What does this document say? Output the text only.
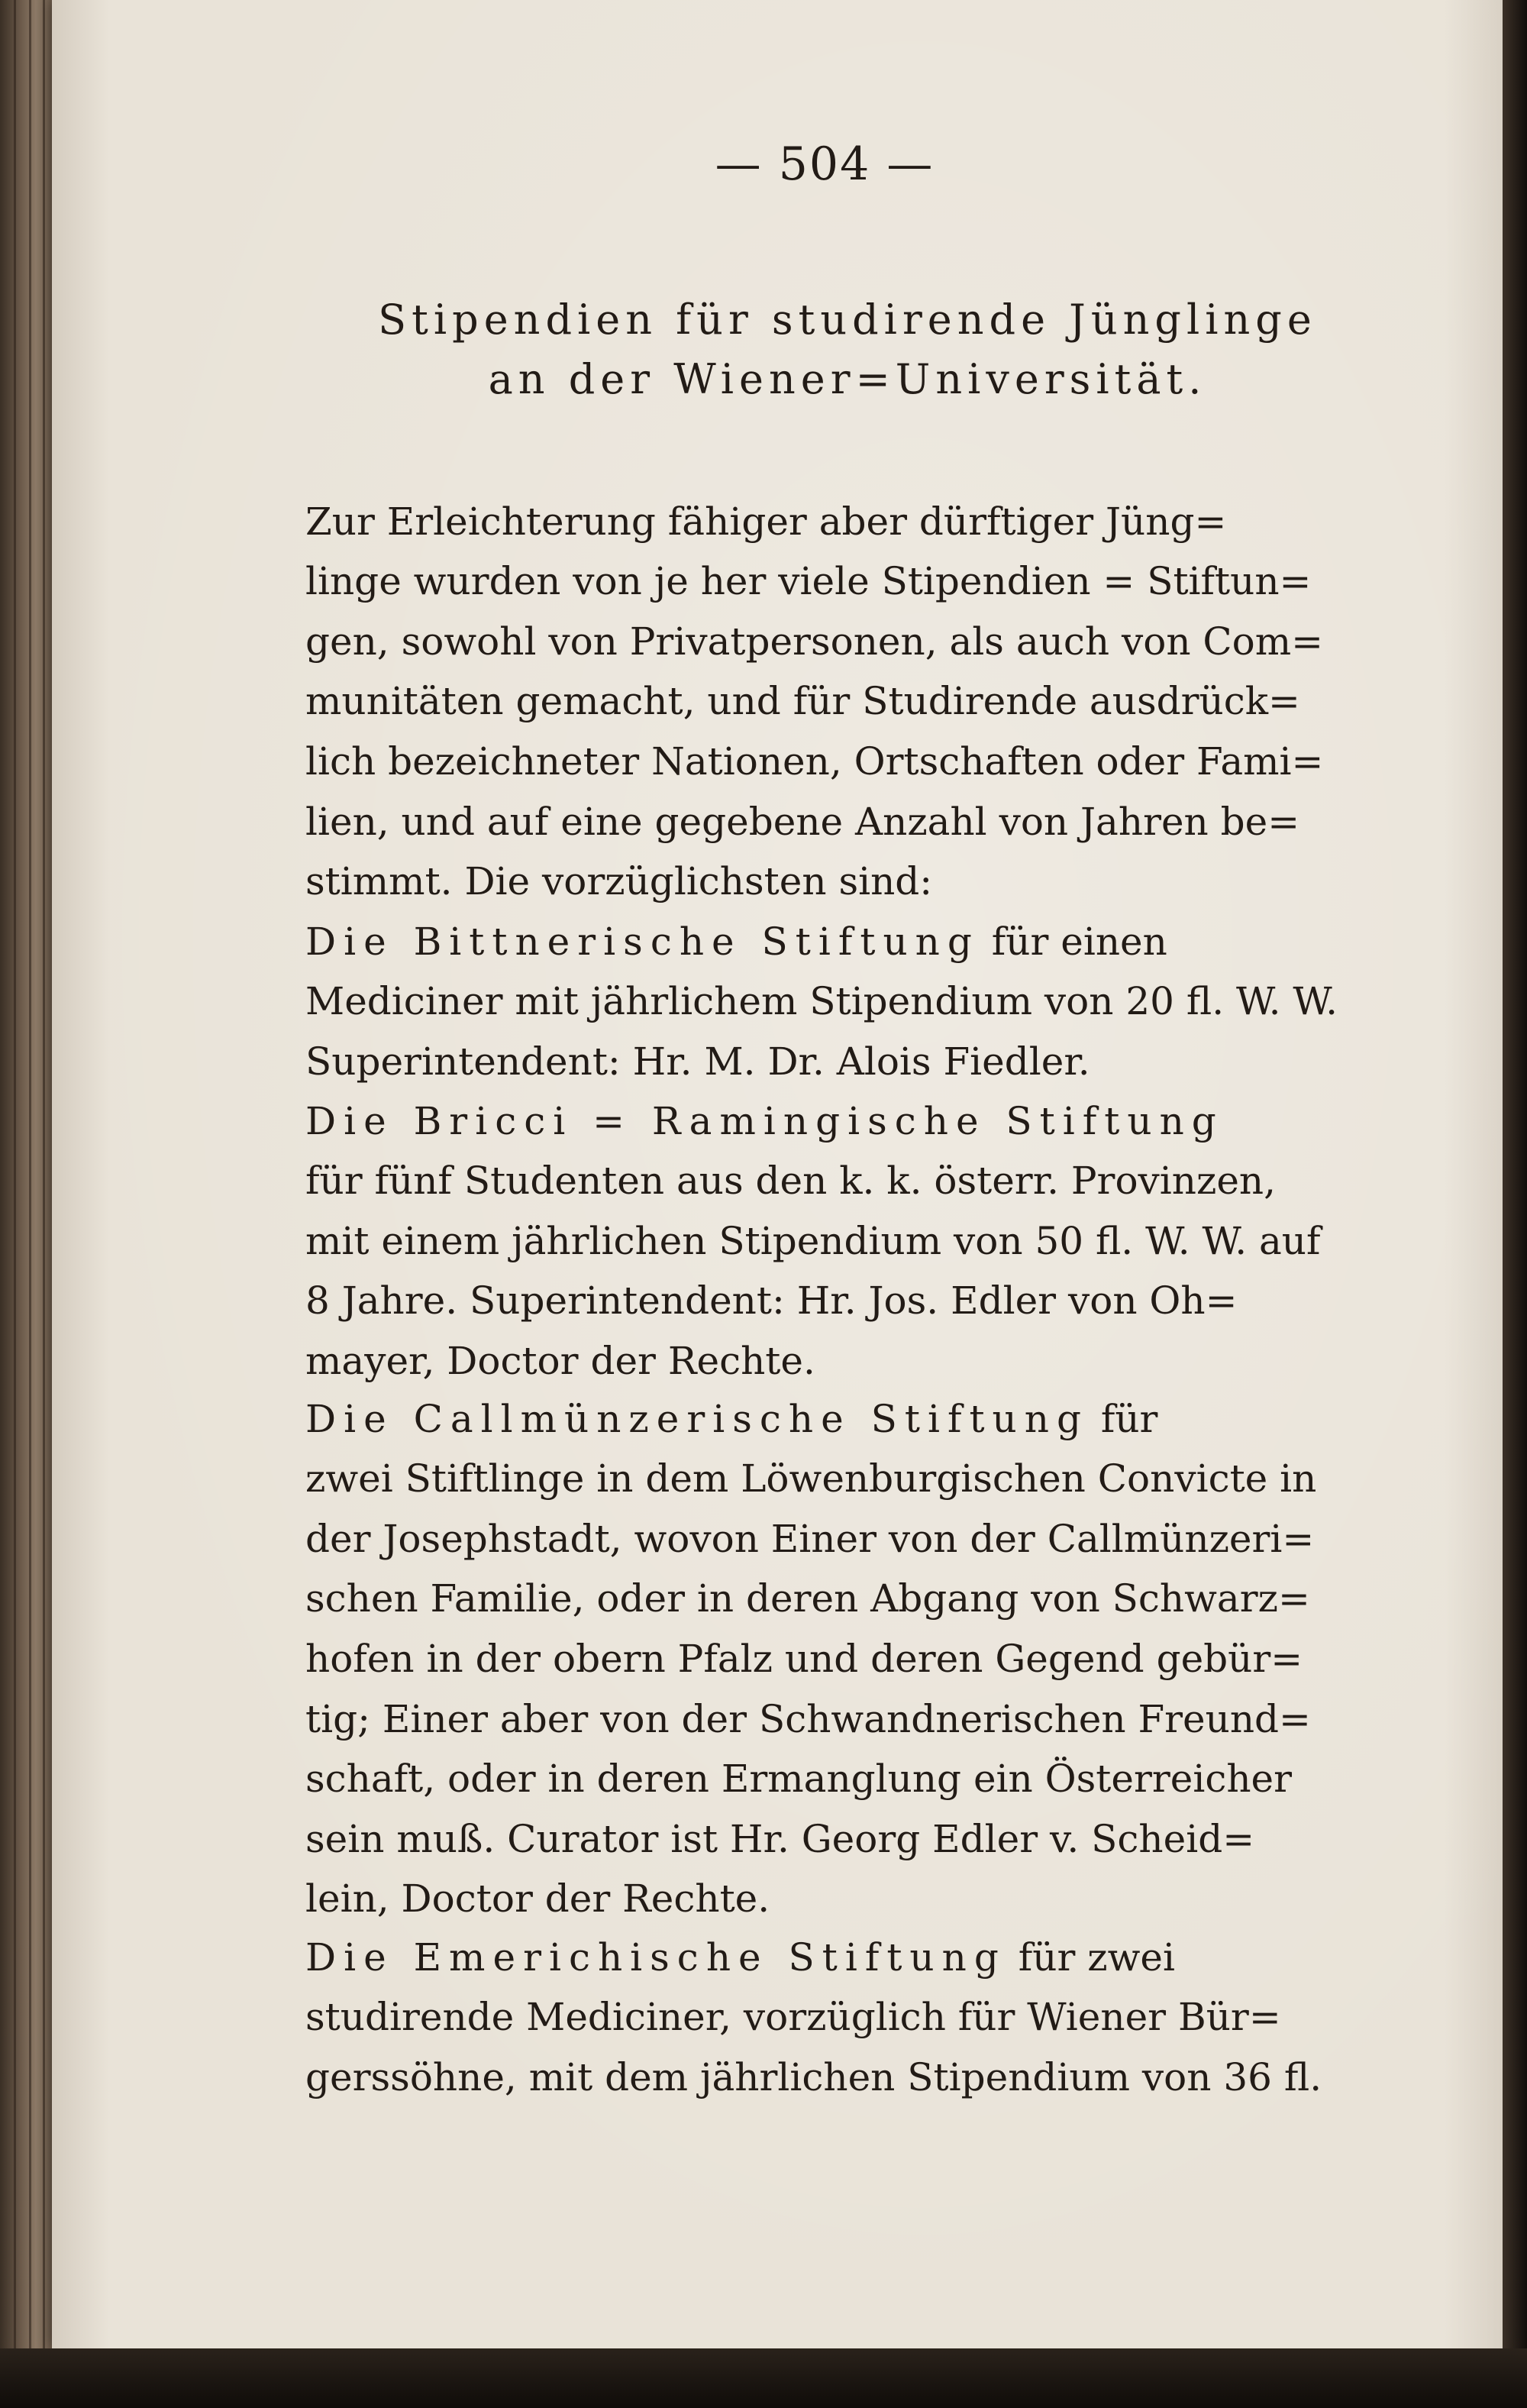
— 504 —
Stipendien für studirende Jünglinge
an der Wiener=Universität.

Zur Erleichterung fähiger aber dürftiger Jüng=
linge wurden von je her viele Stipendien = Stiftun=
gen, sowohl von Privatpersonen, als auch von Com=
munitäten gemacht, und für Studirende ausdrück=
lich bezeichneter Nationen, Ortschaften oder Fami=
lien, und auf eine gegebene Anzahl von Jahren be=
stimmt. Die vorzüglichsten sind:

Die Bittnerische Stiftung für einen
Mediciner mit jährlichem Stipendium von 20 fl. W. W.
Superintendent: Hr. M. Dr. Alois Fiedler.

Die Bricci = Ramingische Stiftung
für fünf Studenten aus den k. k. österr. Provinzen,
mit einem jährlichen Stipendium von 50 fl. W. W. auf
8 Jahre. Superintendent: Hr. Jos. Edler von Oh=
mayer, Doctor der Rechte.

Die Callmünzerische Stiftung für
zwei Stiftlinge in dem Löwenburgischen Convicte in
der Josephstadt, wovon Einer von der Callmünzeri=
schen Familie, oder in deren Abgang von Schwarz=
hofen in der obern Pfalz und deren Gegend gebür=
tig; Einer aber von der Schwandnerischen Freund=
schaft, oder in deren Ermanglung ein Österreicher
sein muß. Curator ist Hr. Georg Edler v. Scheid=
lein, Doctor der Rechte.

Die Emerichische Stiftung für zwei
studirende Mediciner, vorzüglich für Wiener Bür=
gerssöhne, mit dem jährlichen Stipendium von 36 fl.
